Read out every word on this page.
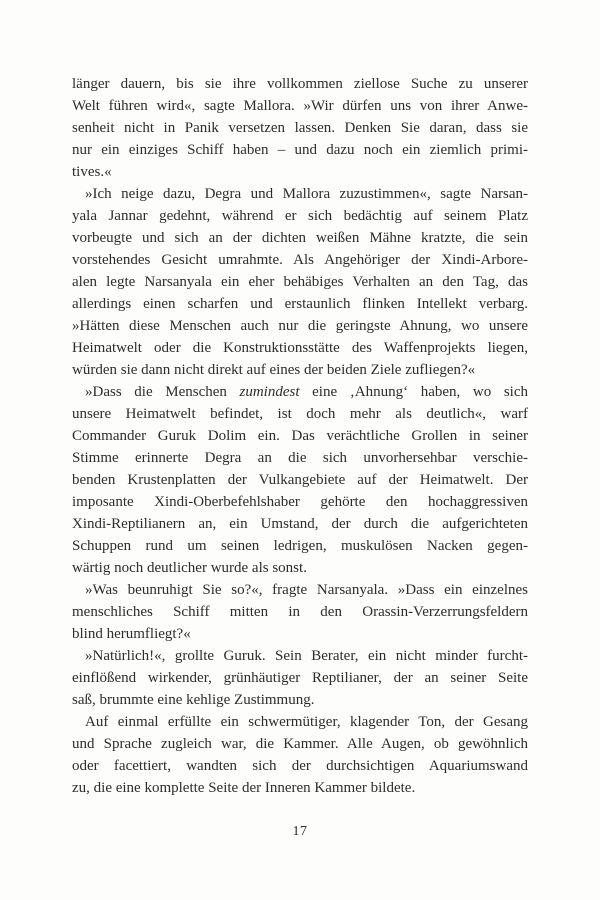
länger dauern, bis sie ihre vollkommen ziellose Suche zu unserer
Welt führen wird«, sagte Mallora. »Wir dürfen uns von ihrer Anwe-
senheit nicht in Panik versetzen lassen. Denken Sie daran, dass sie
nur ein einziges Schiff haben – und dazu noch ein ziemlich primi-
tives.«
»Ich neige dazu, Degra und Mallora zuzustimmen«, sagte Narsan-
yala Jannar gedehnt, während er sich bedächtig auf seinem Platz
vorbeugte und sich an der dichten weißen Mähne kratzte, die sein
vorstehendes Gesicht umrahmte. Als Angehöriger der Xindi-Arbore-
alen legte Narsanyala ein eher behäbiges Verhalten an den Tag, das
allerdings einen scharfen und erstaunlich flinken Intellekt verbarg.
»Hätten diese Menschen auch nur die geringste Ahnung, wo unsere
Heimatwelt oder die Konstruktionsstätte des Waffenprojekts liegen,
würden sie dann nicht direkt auf eines der beiden Ziele zufliegen?«
»Dass die Menschen zumindest eine ‚Ahnung‘ haben, wo sich
unsere Heimatwelt befindet, ist doch mehr als deutlich«, warf
Commander Guruk Dolim ein. Das verächtliche Grollen in seiner
Stimme erinnerte Degra an die sich unvorhersehbar verschie-
benden Krustenplatten der Vulkangebiete auf der Heimatwelt. Der
imposante Xindi-Oberbefehlshaber gehörte den hochaggressiven
Xindi-Reptilianern an, ein Umstand, der durch die aufgerichteten
Schuppen rund um seinen ledrigen, muskulösen Nacken gegen-
wärtig noch deutlicher wurde als sonst.
»Was beunruhigt Sie so?«, fragte Narsanyala. »Dass ein einzelnes
menschliches Schiff mitten in den Orassin-Verzerrungsfeldern
blind herumfliegt?«
»Natürlich!«, grollte Guruk. Sein Berater, ein nicht minder furcht-
einflößend wirkender, grünhäutiger Reptilianer, der an seiner Seite
saß, brummte eine kehlige Zustimmung.
Auf einmal erfüllte ein schwermütiger, klagender Ton, der Gesang
und Sprache zugleich war, die Kammer. Alle Augen, ob gewöhnlich
oder facettiert, wandten sich der durchsichtigen Aquariumswand
zu, die eine komplette Seite der Inneren Kammer bildete.
17
